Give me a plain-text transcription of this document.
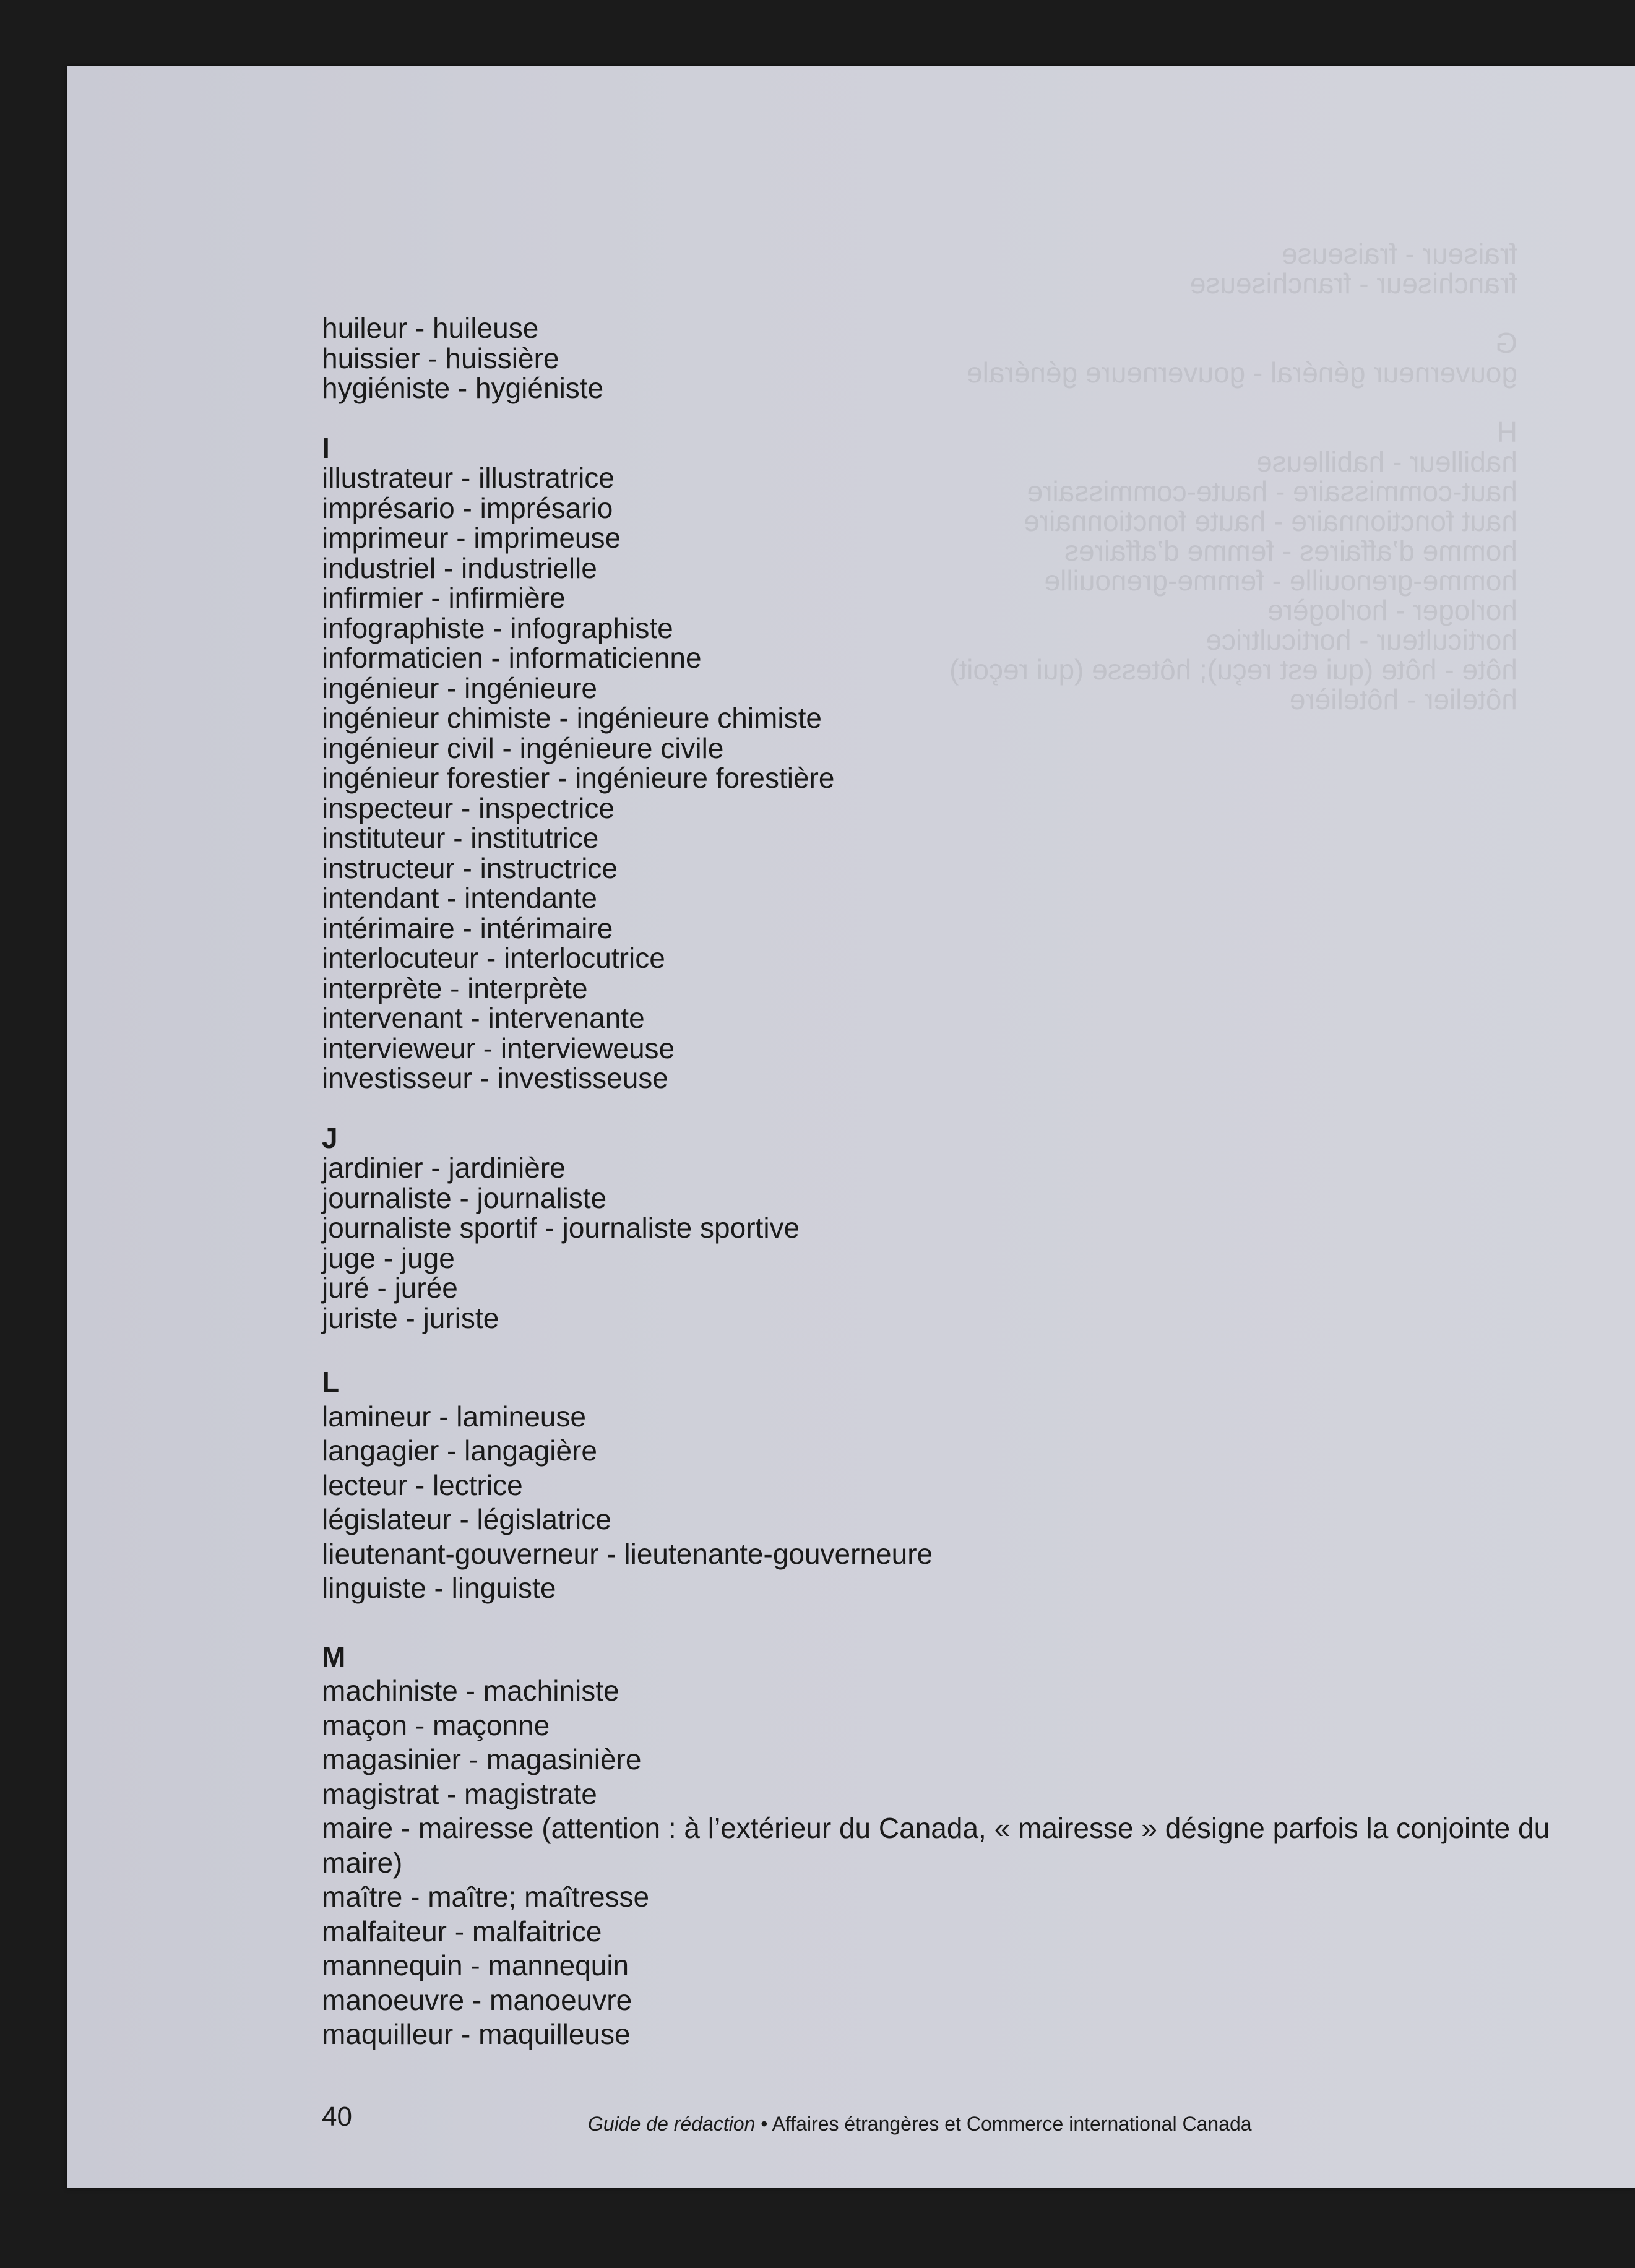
fraiseur - fraiseuse
franchiseur - franchiseuse

G
gouverneur général - gouverneure générale

H
habilleur - habilleuse
haut-commissaire - haute-commissaire
haut fonctionnaire - haute fonctionnaire
homme d’affaires - femme d’affaires
homme-grenouille - femme-grenouille
horloger - horlogère
horticulteur - horticultrice
hôte - hôte (qui est reçu); hôtesse (qui reçoit)
hôtelier - hôtelière
huileur - huileuse
huissier - huissière
hygiéniste - hygiéniste
I
illustrateur - illustratrice
imprésario - imprésario
imprimeur - imprimeuse
industriel - industrielle
infirmier - infirmière
infographiste - infographiste
informaticien - informaticienne
ingénieur - ingénieure
ingénieur chimiste - ingénieure chimiste
ingénieur civil - ingénieure civile
ingénieur forestier - ingénieure forestière
inspecteur - inspectrice
instituteur - institutrice
instructeur - instructrice
intendant - intendante
intérimaire - intérimaire
interlocuteur - interlocutrice
interprète - interprète
intervenant - intervenante
intervieweur - intervieweuse
investisseur - investisseuse
J
jardinier - jardinière
journaliste - journaliste
journaliste sportif - journaliste sportive
juge - juge
juré - jurée
juriste - juriste
L
lamineur - lamineuse
langagier - langagière
lecteur - lectrice
législateur - législatrice
lieutenant-gouverneur - lieutenante-gouverneure
linguiste - linguiste
M
machiniste - machiniste
maçon - maçonne
magasinier - magasinière
magistrat - magistrate
maire - mairesse (attention : à l’extérieur du Canada, « mairesse » désigne parfois la conjointe du maire)
maître - maître; maîtresse
malfaiteur - malfaitrice
mannequin - mannequin
manoeuvre - manoeuvre
maquilleur - maquilleuse
40	Guide de rédaction • Affaires étrangères et Commerce international Canada
